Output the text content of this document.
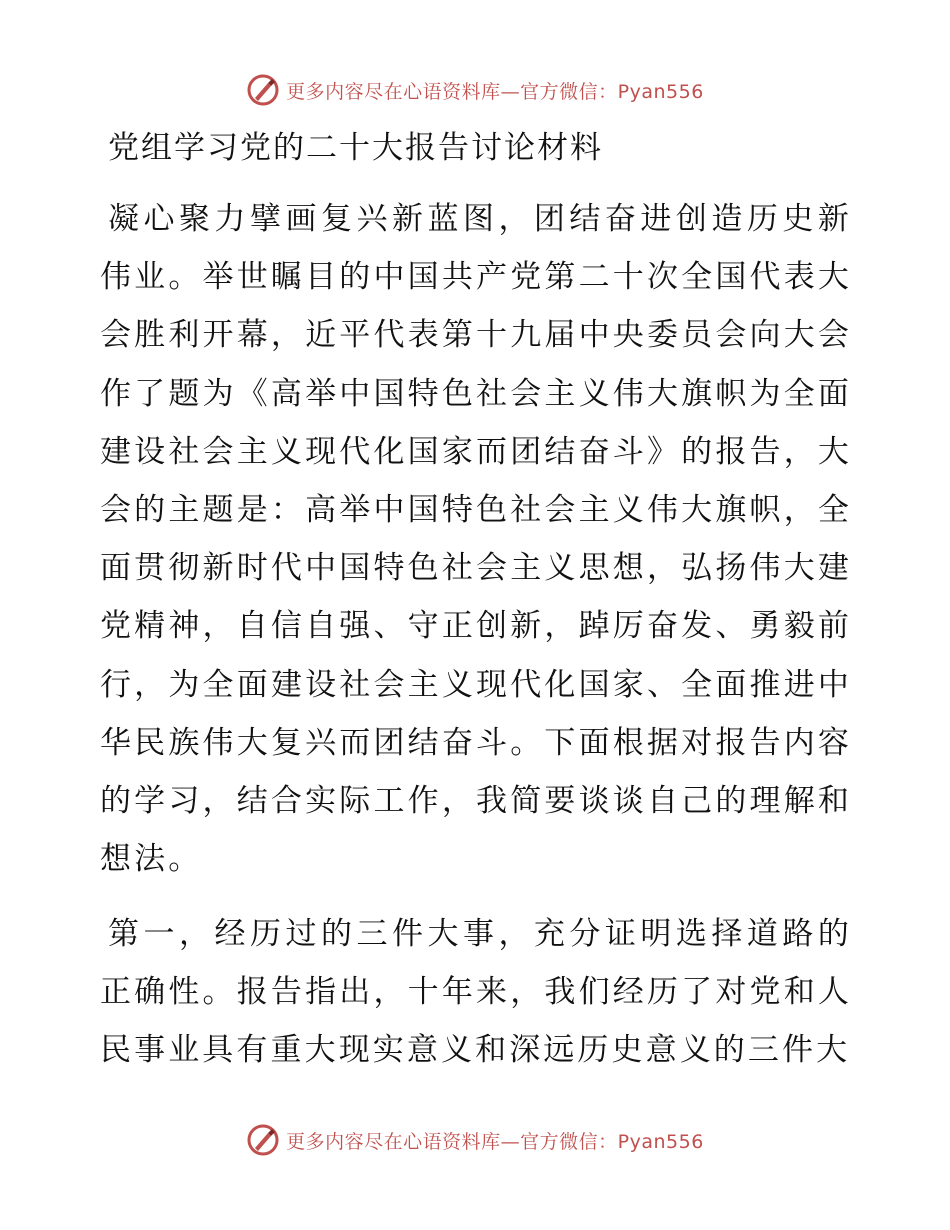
更多内容尽在心语资料库—官方微信：Pyan556
党组学习党的二十大报告讨论材料

凝心聚力擘画复兴新蓝图，团结奋进创造历史新伟业。举世瞩目的中国共产党第二十次全国代表大会胜利开幕，近平代表第十九届中央委员会向大会作了题为《高举中国特色社会主义伟大旗帜为全面建设社会主义现代化国家而团结奋斗》的报告，大会的主题是：高举中国特色社会主义伟大旗帜，全面贯彻新时代中国特色社会主义思想，弘扬伟大建党精神，自信自强、守正创新，踔厉奋发、勇毅前行，为全面建设社会主义现代化国家、全面推进中华民族伟大复兴而团结奋斗。下面根据对报告内容的学习，结合实际工作，我简要谈谈自己的理解和想法。

第一，经历过的三件大事，充分证明选择道路的正确性。报告指出，十年来，我们经历了对党和人民事业具有重大现实意义和深远历史意义的三件大

更多内容尽在心语资料库—官方微信：Pyan556
